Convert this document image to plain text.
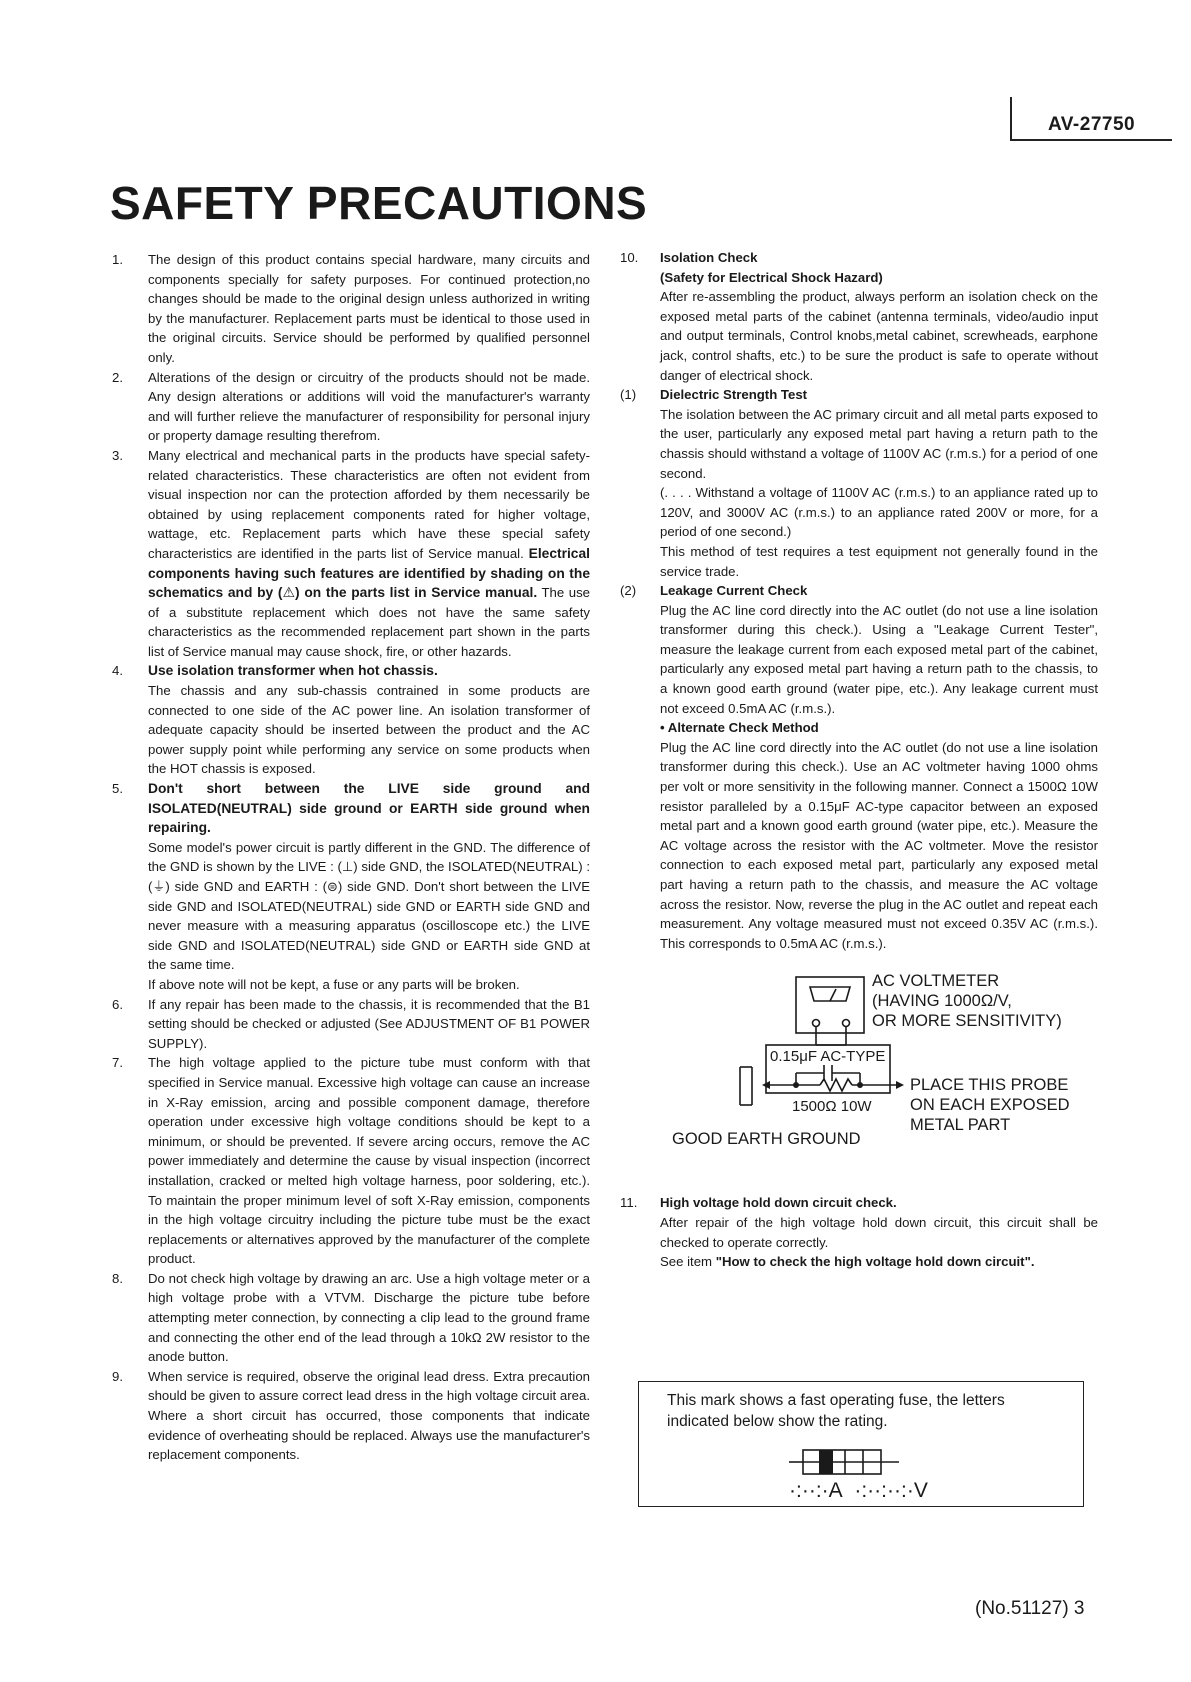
AV-27750
SAFETY PRECAUTIONS
1. The design of this product contains special hardware, many circuits and components specially for safety purposes. For continued protection,no changes should be made to the original design unless authorized in writing by the manufacturer. Replacement parts must be identical to those used in the original circuits. Service should be performed by qualified personnel only.

2. Alterations of the design or circuitry of the products should not be made. Any design alterations or additions will void the manufacturer's warranty and will further relieve the manufacturer of responsibility for personal injury or property damage resulting therefrom.

3. Many electrical and mechanical parts in the products have special safety-related characteristics. These characteristics are often not evident from visual inspection nor can the protection afforded by them necessarily be obtained by using replacement components rated for higher voltage, wattage, etc. Replacement parts which have these special safety characteristics are identified in the parts list of Service manual. Electrical components having such features are identified by shading on the schematics and by (⚠) on the parts list in Service manual. The use of a substitute replacement which does not have the same safety characteristics as the recommended replacement part shown in the parts list of Service manual may cause shock, fire, or other hazards.

4. Use isolation transformer when hot chassis.

The chassis and any sub-chassis contrained in some products are connected to one side of the AC power line. An isolation transformer of adequate capacity should be inserted between the product and the AC power supply point while performing any service on some products when the HOT chassis is exposed.

5. Don't short between the LIVE side ground and ISOLATED(NEUTRAL) side ground or EARTH side ground when repairing.

Some model's power circuit is partly different in the GND. The difference of the GND is shown by the LIVE : (⊥) side GND, the ISOLATED(NEUTRAL) : (⏚) side GND and EARTH : (⊜) side GND. Don't short between the LIVE side GND and ISOLATED(NEUTRAL) side GND or EARTH side GND and never measure with a measuring apparatus (oscilloscope etc.) the LIVE side GND and ISOLATED(NEUTRAL) side GND or EARTH side GND at the same time.

If above note will not be kept, a fuse or any parts will be broken.

6. If any repair has been made to the chassis, it is recommended that the B1 setting should be checked or adjusted (See ADJUSTMENT OF B1 POWER SUPPLY).

7. The high voltage applied to the picture tube must conform with that specified in Service manual. Excessive high voltage can cause an increase in X-Ray emission, arcing and possible component damage, therefore operation under excessive high voltage conditions should be kept to a minimum, or should be prevented. If severe arcing occurs, remove the AC power immediately and determine the cause by visual inspection (incorrect installation, cracked or melted high voltage harness, poor soldering, etc.). To maintain the proper minimum level of soft X-Ray emission, components in the high voltage circuitry including the picture tube must be the exact replacements or alternatives approved by the manufacturer of the complete product.

8. Do not check high voltage by drawing an arc. Use a high voltage meter or a high voltage probe with a VTVM. Discharge the picture tube before attempting meter connection, by connecting a clip lead to the ground frame and connecting the other end of the lead through a 10kΩ 2W resistor to the anode button.

9. When service is required, observe the original lead dress. Extra precaution should be given to assure correct lead dress in the high voltage circuit area. Where a short circuit has occurred, those components that indicate evidence of overheating should be replaced. Always use the manufacturer's replacement components.

10. Isolation Check

(Safety for Electrical Shock Hazard)

After re-assembling the product, always perform an isolation check on the exposed metal parts of the cabinet (antenna terminals, video/audio input and output terminals, Control knobs,metal cabinet, screwheads, earphone jack, control shafts, etc.) to be sure the product is safe to operate without danger of electrical shock.

(1) Dielectric Strength Test

The isolation between the AC primary circuit and all metal parts exposed to the user, particularly any exposed metal part having a return path to the chassis should withstand a voltage of 1100V AC (r.m.s.) for a period of one second.

(. . . . Withstand a voltage of 1100V AC (r.m.s.) to an appliance rated up to 120V, and 3000V AC (r.m.s.) to an appliance rated 200V or more, for a period of one second.)

This method of test requires a test equipment not generally found in the service trade.

(2) Leakage Current Check

Plug the AC line cord directly into the AC outlet (do not use a line isolation transformer during this check.). Using a "Leakage Current Tester", measure the leakage current from each exposed metal part of the cabinet, particularly any exposed metal part having a return path to the chassis, to a known good earth ground (water pipe, etc.). Any leakage current must not exceed 0.5mA AC (r.m.s.).

• Alternate Check Method

Plug the AC line cord directly into the AC outlet (do not use a line isolation transformer during this check.). Use an AC voltmeter having 1000 ohms per volt or more sensitivity in the following manner. Connect a 1500Ω 10W resistor paralleled by a 0.15μF AC-type capacitor between an exposed metal part and a known good earth ground (water pipe, etc.). Measure the AC voltage across the resistor with the AC voltmeter. Move the resistor connection to each exposed metal part, particularly any exposed metal part having a return path to the chassis, and measure the AC voltage across the resistor. Now, reverse the plug in the AC outlet and repeat each measurement. Any voltage measured must not exceed 0.35V AC (r.m.s.). This corresponds to 0.5mA AC (r.m.s.).

AC VOLTMETER
(HAVING 1000Ω/V,
OR MORE SENSITIVITY)
0.15μF AC-TYPE
1500Ω 10W
PLACE THIS PROBE
ON EACH EXPOSED
METAL PART
GOOD EARTH GROUND
11. High voltage hold down circuit check.

After repair of the high voltage hold down circuit, this circuit shall be checked to operate correctly.

See item "How to check the high voltage hold down circuit".

This mark shows a fast operating fuse, the letters indicated below show the rating.
·:··:·A ·:··:··:·V
(No.51127) 3
